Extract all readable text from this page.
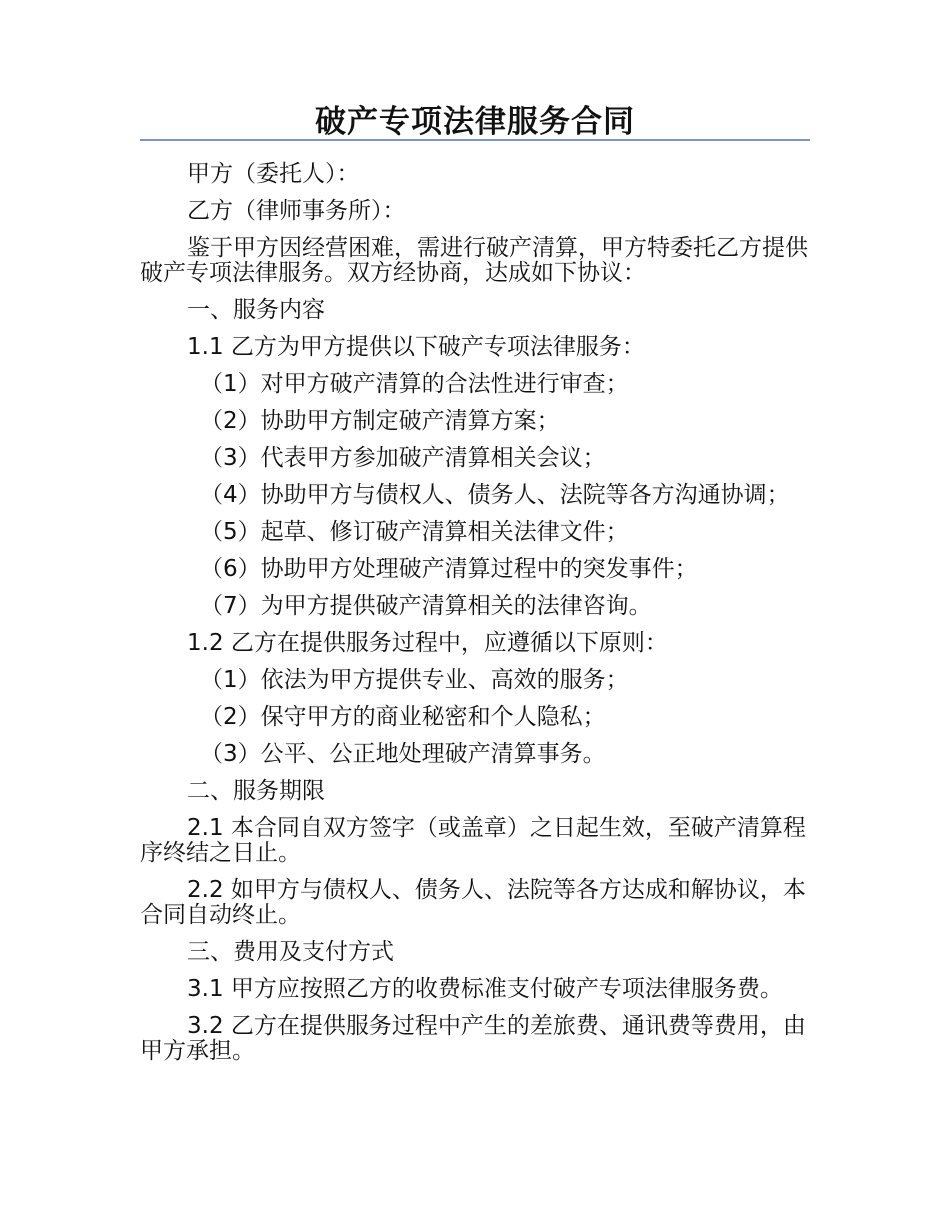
破产专项法律服务合同

甲方（委托人）：

乙方（律师事务所）：

鉴于甲方因经营困难，需进行破产清算，甲方特委托乙方提供破产专项法律服务。双方经协商，达成如下协议：

一、服务内容

1.1 乙方为甲方提供以下破产专项法律服务：

（1）对甲方破产清算的合法性进行审查；

（2）协助甲方制定破产清算方案；

（3）代表甲方参加破产清算相关会议；

（4）协助甲方与债权人、债务人、法院等各方沟通协调；

（5）起草、修订破产清算相关法律文件；

（6）协助甲方处理破产清算过程中的突发事件；

（7）为甲方提供破产清算相关的法律咨询。

1.2 乙方在提供服务过程中，应遵循以下原则：

（1）依法为甲方提供专业、高效的服务；

（2）保守甲方的商业秘密和个人隐私；

（3）公平、公正地处理破产清算事务。

二、服务期限

2.1 本合同自双方签字（或盖章）之日起生效，至破产清算程序终结之日止。

2.2 如甲方与债权人、债务人、法院等各方达成和解协议，本合同自动终止。

三、费用及支付方式

3.1 甲方应按照乙方的收费标准支付破产专项法律服务费。

3.2 乙方在提供服务过程中产生的差旅费、通讯费等费用，由甲方承担。
